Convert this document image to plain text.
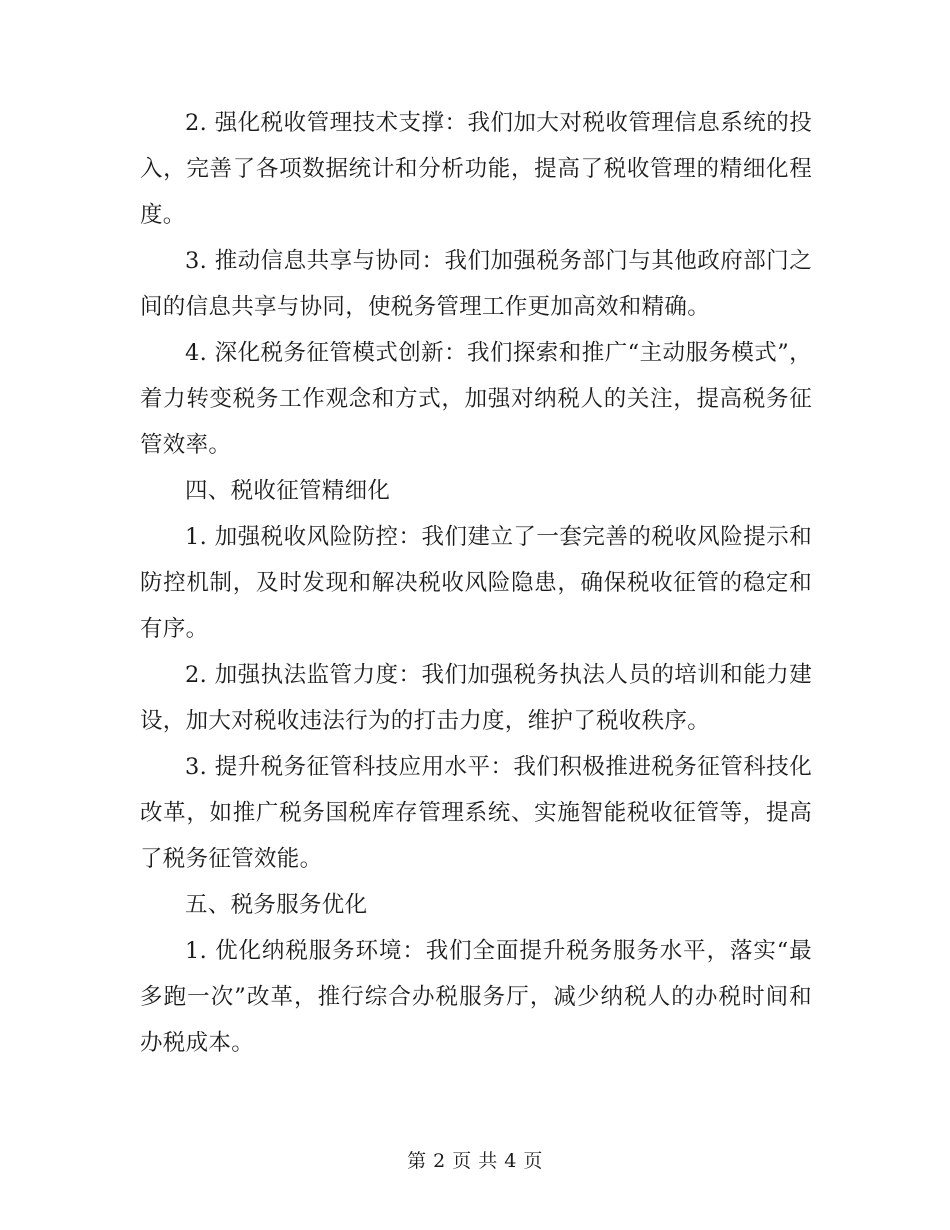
2. 强化税收管理技术支撑：我们加大对税收管理信息系统的投入，完善了各项数据统计和分析功能，提高了税收管理的精细化程度。

3. 推动信息共享与协同：我们加强税务部门与其他政府部门之间的信息共享与协同，使税务管理工作更加高效和精确。

4. 深化税务征管模式创新：我们探索和推广“主动服务模式”，着力转变税务工作观念和方式，加强对纳税人的关注，提高税务征管效率。

四、税收征管精细化

1. 加强税收风险防控：我们建立了一套完善的税收风险提示和防控机制，及时发现和解决税收风险隐患，确保税收征管的稳定和有序。

2. 加强执法监管力度：我们加强税务执法人员的培训和能力建设，加大对税收违法行为的打击力度，维护了税收秩序。

3. 提升税务征管科技应用水平：我们积极推进税务征管科技化改革，如推广税务国税库存管理系统、实施智能税收征管等，提高了税务征管效能。

五、税务服务优化

1. 优化纳税服务环境：我们全面提升税务服务水平，落实“最多跑一次”改革，推行综合办税服务厅，减少纳税人的办税时间和办税成本。

第 2 页 共 4 页
